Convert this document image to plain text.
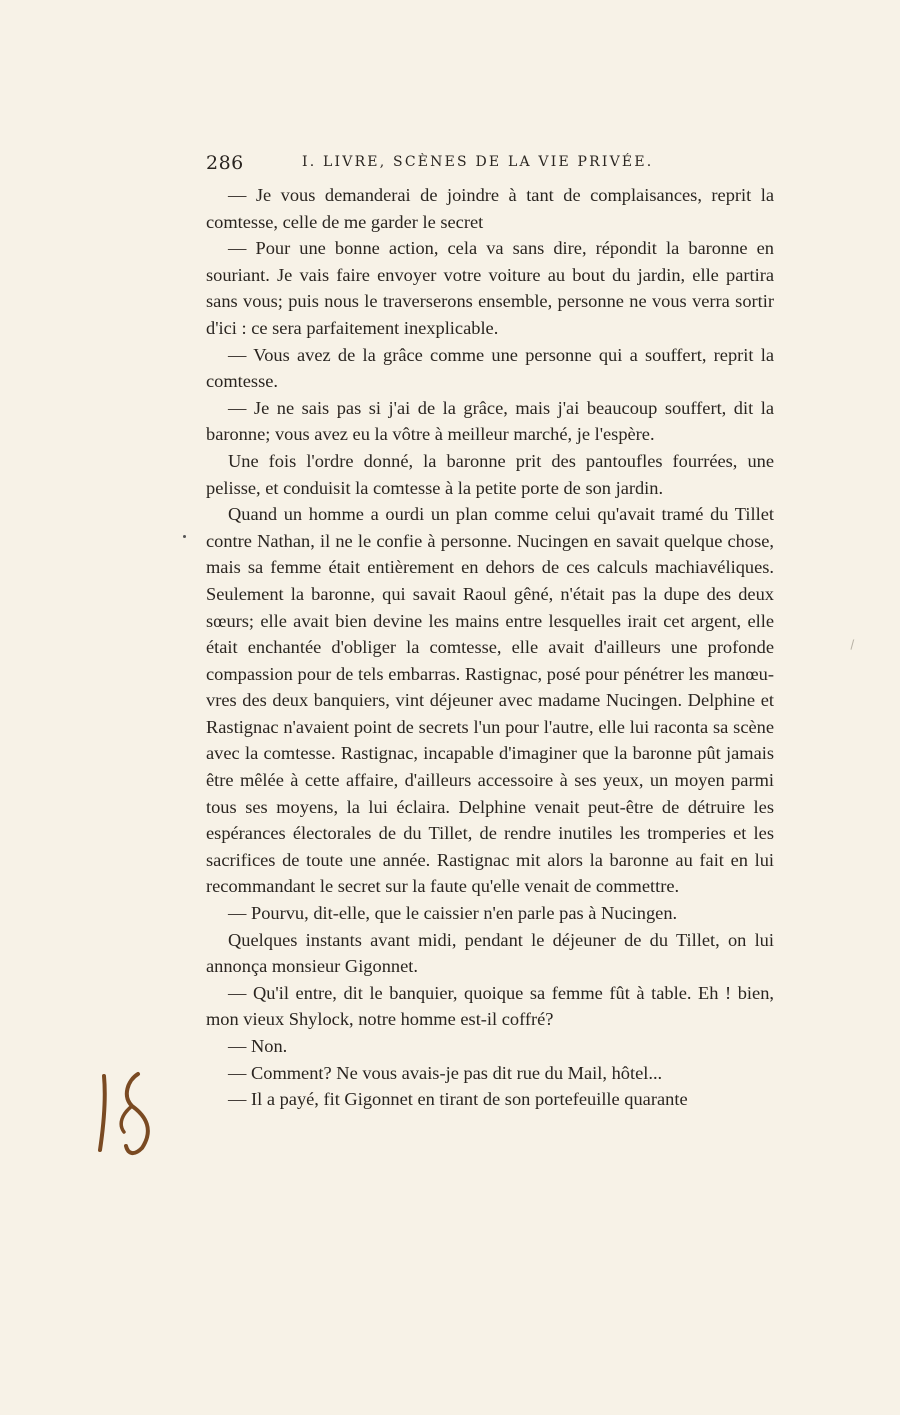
286	I. LIVRE, SCÈNES DE LA VIE PRIVÉE.

— Je vous demanderai de joindre à tant de complaisances, reprit la comtesse, celle de me garder le secret

— Pour une bonne action, cela va sans dire, répondit la baronne en souriant. Je vais faire envoyer votre voiture au bout du jardin, elle partira sans vous; puis nous le traverserons ensemble, personne ne vous verra sortir d'ici : ce sera parfaitement inexplicable.

— Vous avez de la grâce comme une personne qui a souffert, reprit la comtesse.

— Je ne sais pas si j'ai de la grâce, mais j'ai beaucoup souffert, dit la baronne; vous avez eu la vôtre à meilleur marché, je l'espère.

Une fois l'ordre donné, la baronne prit des pantoufles fourrées, une pelisse, et conduisit la comtesse à la petite porte de son jardin.

Quand un homme a ourdi un plan comme celui qu'avait tramé du Tillet contre Nathan, il ne le confie à personne. Nucingen en savait quelque chose, mais sa femme était entièrement en dehors de ces calculs machiavéliques. Seulement la baronne, qui savait Raoul gêné, n'était pas la dupe des deux sœurs; elle avait bien devine les mains entre lesquelles irait cet argent, elle était enchantée d'obliger la comtesse, elle avait d'ailleurs une profonde compassion pour de tels embarras. Rastignac, posé pour pénétrer les manœuvres des deux banquiers, vint déjeuner avec madame Nucingen. Delphine et Rastignac n'avaient point de secrets l'un pour l'autre, elle lui raconta sa scène avec la comtesse. Rastignac, incapable d'imaginer que la baronne pût jamais être mêlée à cette affaire, d'ailleurs accessoire à ses yeux, un moyen parmi tous ses moyens, la lui éclaira. Delphine venait peut-être de détruire les espérances électorales de du Tillet, de rendre inutiles les tromperies et les sacrifices de toute une année. Rastignac mit alors la baronne au fait en lui recommandant le secret sur la faute qu'elle venait de commettre.

— Pourvu, dit-elle, que le caissier n'en parle pas à Nucingen.

Quelques instants avant midi, pendant le déjeuner de du Tillet, on lui annonça monsieur Gigonnet.

— Qu'il entre, dit le banquier, quoique sa femme fût à table. Eh ! bien, mon vieux Shylock, notre homme est-il coffré?

— Non.

— Comment? Ne vous avais-je pas dit rue du Mail, hôtel...

— Il a payé, fit Gigonnet en tirant de son portefeuille quarante
